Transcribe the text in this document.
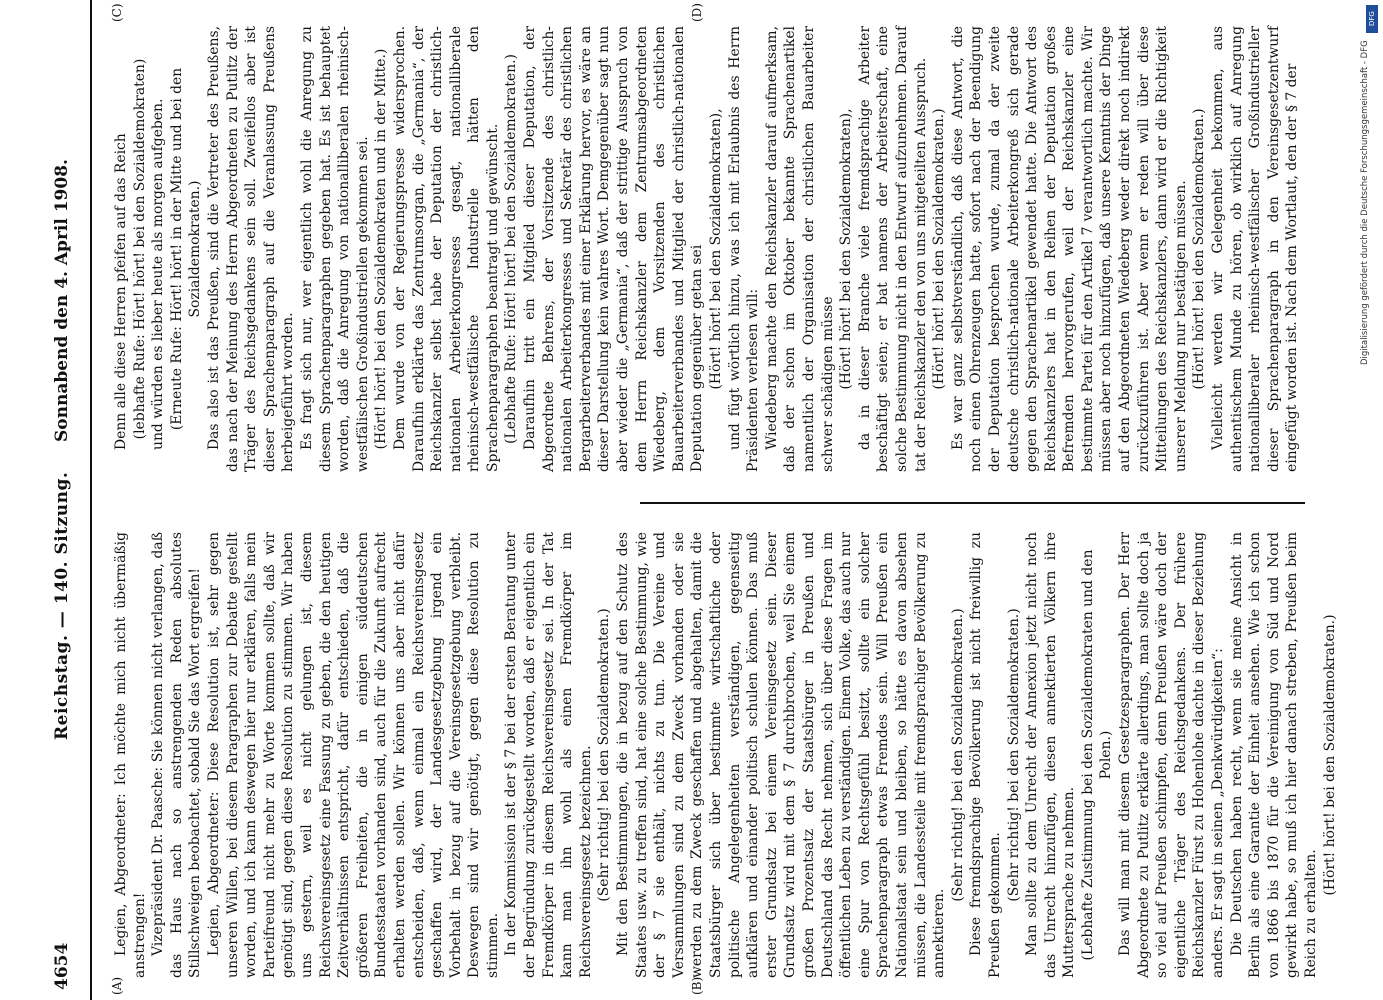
4654
Reichstag. — 140. Sitzung.
Sonnabend den 4. April 1908.
(A)	(B)
(C)	(D)

Legien, Abgeordneter: Ich möchte mich nicht übermäßig anstrengen! Vizepräsident Dr. Paasche: Sie können nicht verlangen, daß das Haus nach so anstrengenden Reden absolutes Stillschweigen beobachtet, sobald Sie das Wort ergreifen! Legien, Abgeordneter: Diese Resolution ist, sehr gegen unseren Willen, bei diesem Paragraphen zur Debatte gestellt worden, und ich kann deswegen hier nur erklären, falls mein Parteifreund nicht mehr zu Worte kommen sollte, daß wir genötigt sind, gegen diese Resolution zu stimmen. Wir haben uns gestern, weil es nicht gelungen ist, diesem Reichsvereinsgesetz eine Fassung zu geben, die den heutigen Zeitverhältnissen entspricht, dafür entschieden, daß die größeren Freiheiten, die in einigen süddeutschen Bundesstaaten vorhanden sind, auch für die Zukunft aufrecht erhalten werden sollen. Wir können uns aber nicht dafür entscheiden, daß, wenn einmal ein Reichsvereinsgesetz geschaffen wird, der Landesgesetzgebung irgend ein Vorbehalt in bezug auf die Vereinsgesetzgebung verbleibt. Deswegen sind wir genötigt, gegen diese Resolution zu stimmen. In der Kommission ist der § 7 bei der ersten Beratung unter der Begründung zurückgestellt worden, daß er eigentlich ein Fremdkörper in diesem Reichsvereinsgesetz sei. In der Tat kann man ihn wohl als einen Fremdkörper im Reichsvereinsgesetz bezeichnen. (Sehr richtig! bei den Sozialdemokraten.) Mit den Bestimmungen, die in bezug auf den Schutz des Staates usw. zu treffen sind, hat eine solche Bestimmung, wie der § 7 sie enthält, nichts zu tun. Die Vereine und Versammlungen sind zu dem Zweck vorhanden oder sie werden zu dem Zweck geschaffen und abgehalten, damit die Staatsbürger sich über bestimmte wirtschaftliche oder politische Angelegenheiten verständigen, gegenseitig aufklären und einander politisch schulen können. Das muß erster Grundsatz bei einem Vereinsgesetz sein. Dieser Grundsatz wird mit dem § 7 durchbrochen, weil Sie einem großen Prozentsatz der Staatsbürger in Preußen und Deutschland das Recht nehmen, sich über diese Fragen im öffentlichen Leben zu verständigen. Einem Volke, das auch nur eine Spur von Rechtsgefühl besitzt, sollte ein solcher Sprachenparagraph etwas Fremdes sein. Will Preußen ein Nationalstaat sein und bleiben, so hätte es davon absehen müssen, die Landessteile mit fremdsprachiger Bevölkerung zu annektieren.

(Sehr richtig! bei den Sozialdemokraten.) Diese fremdsprachige Bevölkerung ist nicht freiwillig zu Preußen gekommen.

(Sehr richtig! bei den Sozialdemokraten.) Man sollte zu dem Unrecht der Annexion jetzt nicht noch das Unrecht hinzufügen, diesen annektierten Völkern ihre Muttersprache zu nehmen. (Lebhafte Zustimmung bei den Sozialdemokraten und den Polen.) Das will man mit diesem Gesetzesparagraphen. Der Herr Abgeordnete zu Putlitz erklärte allerdings, man sollte doch ja so viel auf Preußen schimpfen, denn Preußen wäre doch der eigentliche Träger des Reichsgedankens. Der frühere Reichskanzler Fürst zu Hohenlohe dachte in dieser Beziehung anders. Er sagt in seinen „Denkwürdigkeiten“: Die Deutschen haben recht, wenn sie meine Ansicht in Berlin als eine Garantie der Einheit ansehen. Wie ich schon von 1866 bis 1870 für die Vereinigung von Süd und Nord gewirkt habe, so muß ich hier danach streben, Preußen beim Reich zu erhalten.

(Hört! hört! bei den Sozialdemokraten.)

Denn alle diese Herren pfeifen auf das Reich (lebhafte Rufe: Hört! hört! bei den Sozialdemokraten) und würden es lieber heute als morgen aufgeben. (Erneute Rufe: Hört! hört! in der Mitte und bei den Sozialdemokraten.) Das also ist das Preußen, sind die Vertreter des Preußens, das nach der Meinung des Herrn Abgeordneten zu Putlitz der Träger des Reichsgedankens sein soll. Zweifellos aber ist dieser Sprachenparagraph auf die Veranlassung Preußens herbeigeführt worden. Es fragt sich nur, wer eigentlich wohl die Anregung zu diesem Sprachenparagraphen gegeben hat. Es ist behauptet worden, daß die Anregung von nationalliberalen rheinisch-westfälischen Großindustriellen gekommen sei. (Hört! hört! bei den Sozialdemokraten und in der Mitte.) Dem wurde von der Regierungspresse widersprochen. Daraufhin erklärte das Zentrumsorgan, die „Germania“, der Reichskanzler selbst habe der Deputation der christlich-nationalen Arbeiterkongresses gesagt, nationalliberale rheinisch-westfälische Industrielle hätten den Sprachenparagraphen beantragt und gewünscht. (Lebhafte Rufe: Hört! hört! bei den Sozialdemokraten.) Daraufhin tritt ein Mitglied dieser Deputation, der Abgeordnete Behrens, der Vorsitzende des christlich-nationalen Arbeiterkongresses und Sekretär des christlichen Bergarbeiterverbandes mit einer Erklärung hervor, es wäre an dieser Darstellung kein wahres Wort. Demgegenüber sagt nun aber wieder die „Germania“, daß der strittige Ausspruch von dem Herrn Reichskanzler dem Zentrumsabgeordneten Wiedeberg, dem Vorsitzenden des christlichen Bauarbeiterverbandes und Mitglied der christlich-nationalen Deputation gegenüber getan sei (Hört! hört! bei den Sozialdemokraten), und fügt wörtlich hinzu, was ich mit Erlaubnis des Herrn Präsidenten verlesen will: Wiedeberg machte den Reichskanzler darauf aufmerksam, daß der schon im Oktober bekannte Sprachenartikel namentlich der Organisation der christlichen Bauarbeiter schwer schädigen müsse (Hört! hört! bei den Sozialdemokraten), da in dieser Branche viele fremdsprachige Arbeiter beschäftigt seien; er bat namens der Arbeiterschaft, eine solche Bestimmung nicht in den Entwurf aufzunehmen. Darauf tat der Reichskanzler den von uns mitgeteilten Ausspruch. (Hört! hört! bei den Sozialdemokraten.) Es war ganz selbstverständlich, daß diese Antwort, die noch einen Ohrenzeugen hatte, sofort nach der Beendigung der Deputation besprochen wurde, zumal da der zweite deutsche christlich-nationale Arbeiterkongreß sich gerade gegen den Sprachenartikel gewendet hatte. Die Antwort des Reichskanzlers hat in den Reihen der Deputation großes Befremden hervorgerufen, weil der Reichskanzler eine bestimmte Partei für den Artikel 7 verantwortlich machte. Wir müssen aber noch hinzufügen, daß unsere Kenntnis der Dinge auf den Abgeordneten Wiedeberg weder direkt noch indirekt zurückzuführen ist. Aber wenn er reden will über diese Mitteilungen des Reichskanzlers, dann wird er die Richtigkeit unserer Meldung nur bestätigen müssen. (Hört! hört! bei den Sozialdemokraten.) Vielleicht werden wir Gelegenheit bekommen, aus authentischem Munde zu hören, ob wirklich auf Anregung nationalliberaler rheinisch-westfälischer Großindustrieller dieser Sprachenparagraph in den Vereinsgesetzentwurf eingefügt worden ist. Nach dem Wortlaut, den der § 7 der

DFG
Digitalisierung gefördert durch die Deutsche Forschungsgemeinschaft - DFG
